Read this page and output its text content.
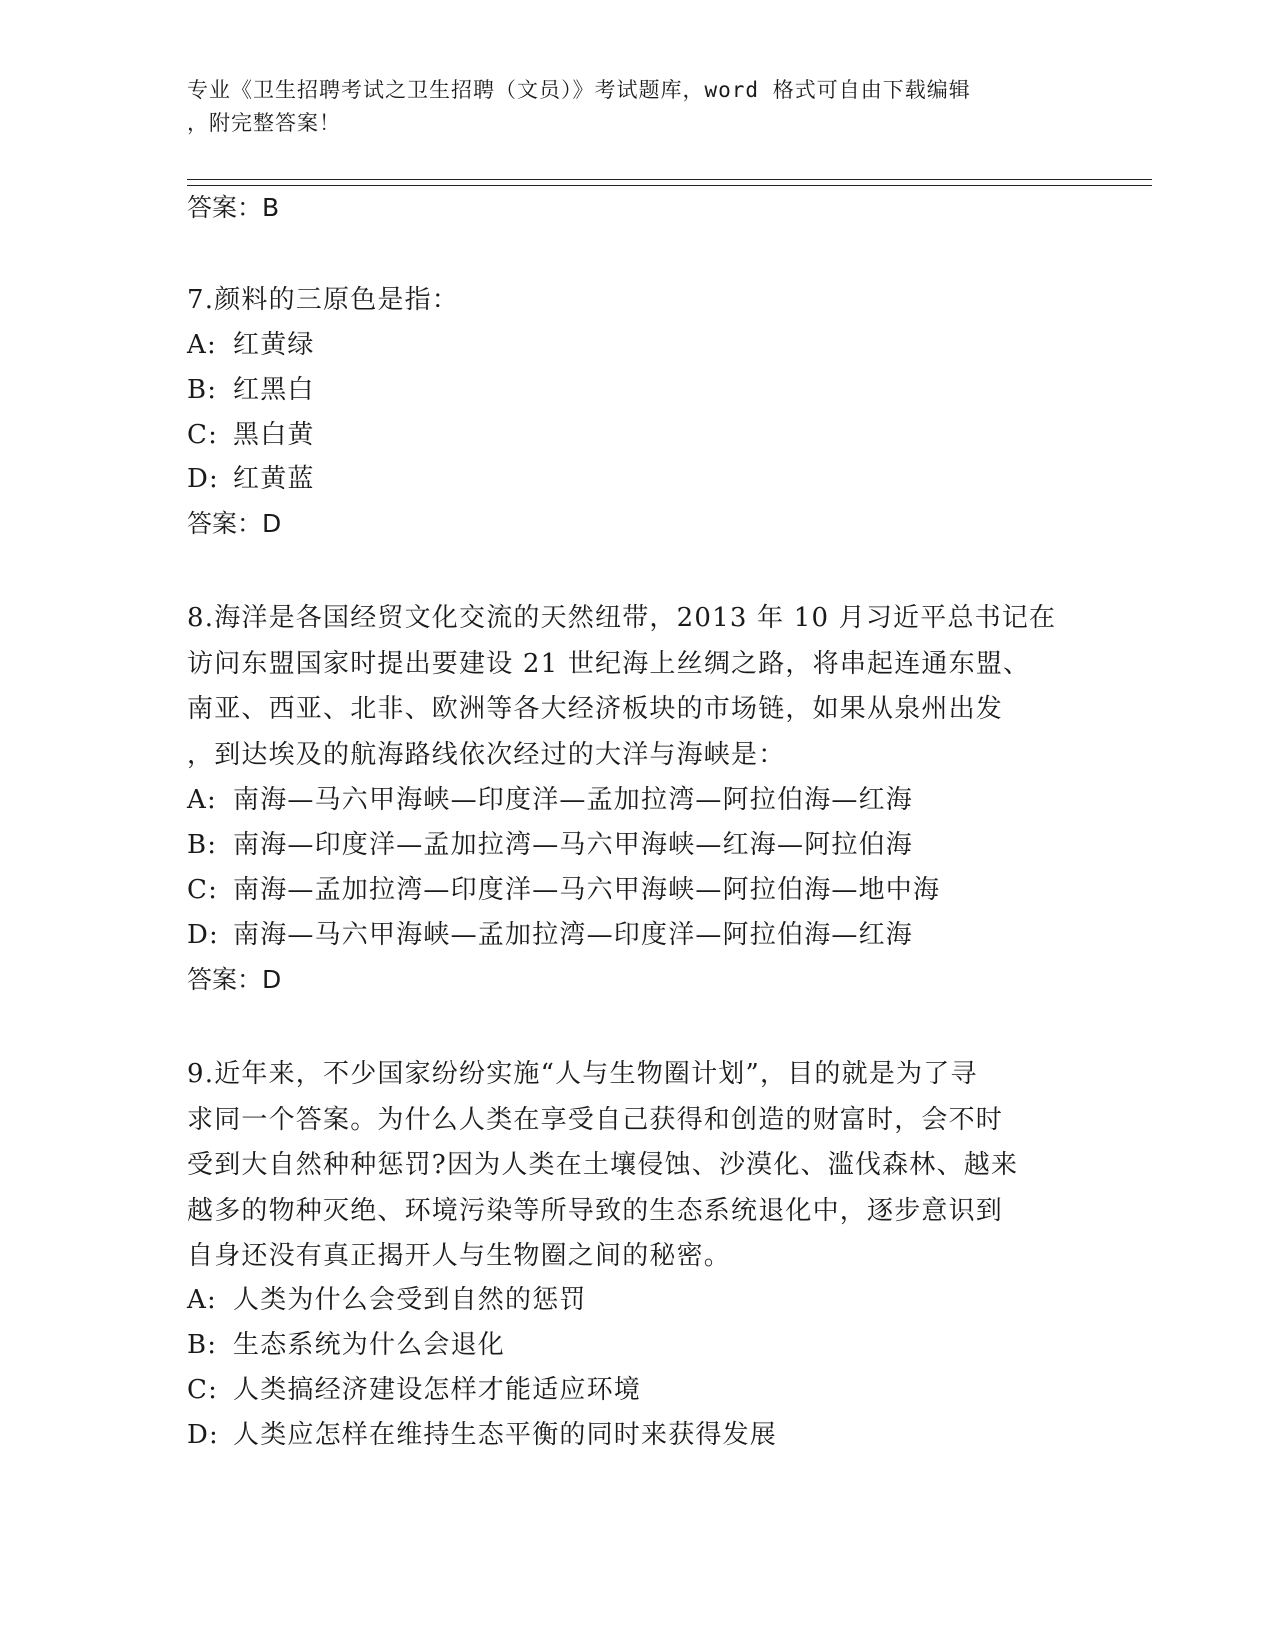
专业《卫生招聘考试之卫生招聘（文员）》考试题库，word 格式可自由下载编辑
，附完整答案！
答案：B
7.颜料的三原色是指：
A: 红黄绿
B: 红黑白
C: 黑白黄
D: 红黄蓝
答案：D
8.海洋是各国经贸文化交流的天然纽带，2013 年 10 月习近平总书记在
访问东盟国家时提出要建设 21 世纪海上丝绸之路，将串起连通东盟、
南亚、西亚、北非、欧洲等各大经济板块的市场链，如果从泉州出发
，到达埃及的航海路线依次经过的大洋与海峡是：
A: 南海—马六甲海峡—印度洋—孟加拉湾—阿拉伯海—红海
B: 南海—印度洋—孟加拉湾—马六甲海峡—红海—阿拉伯海
C: 南海—孟加拉湾—印度洋—马六甲海峡—阿拉伯海—地中海
D: 南海—马六甲海峡—孟加拉湾—印度洋—阿拉伯海—红海
答案：D
9.近年来，不少国家纷纷实施“人与生物圈计划”，目的就是为了寻
求同一个答案。为什么人类在享受自己获得和创造的财富时，会不时
受到大自然种种惩罚?因为人类在土壤侵蚀、沙漠化、滥伐森林、越来
越多的物种灭绝、环境污染等所导致的生态系统退化中，逐步意识到
自身还没有真正揭开人与生物圈之间的秘密。
A: 人类为什么会受到自然的惩罚
B: 生态系统为什么会退化
C: 人类搞经济建设怎样才能适应环境
D: 人类应怎样在维持生态平衡的同时来获得发展
